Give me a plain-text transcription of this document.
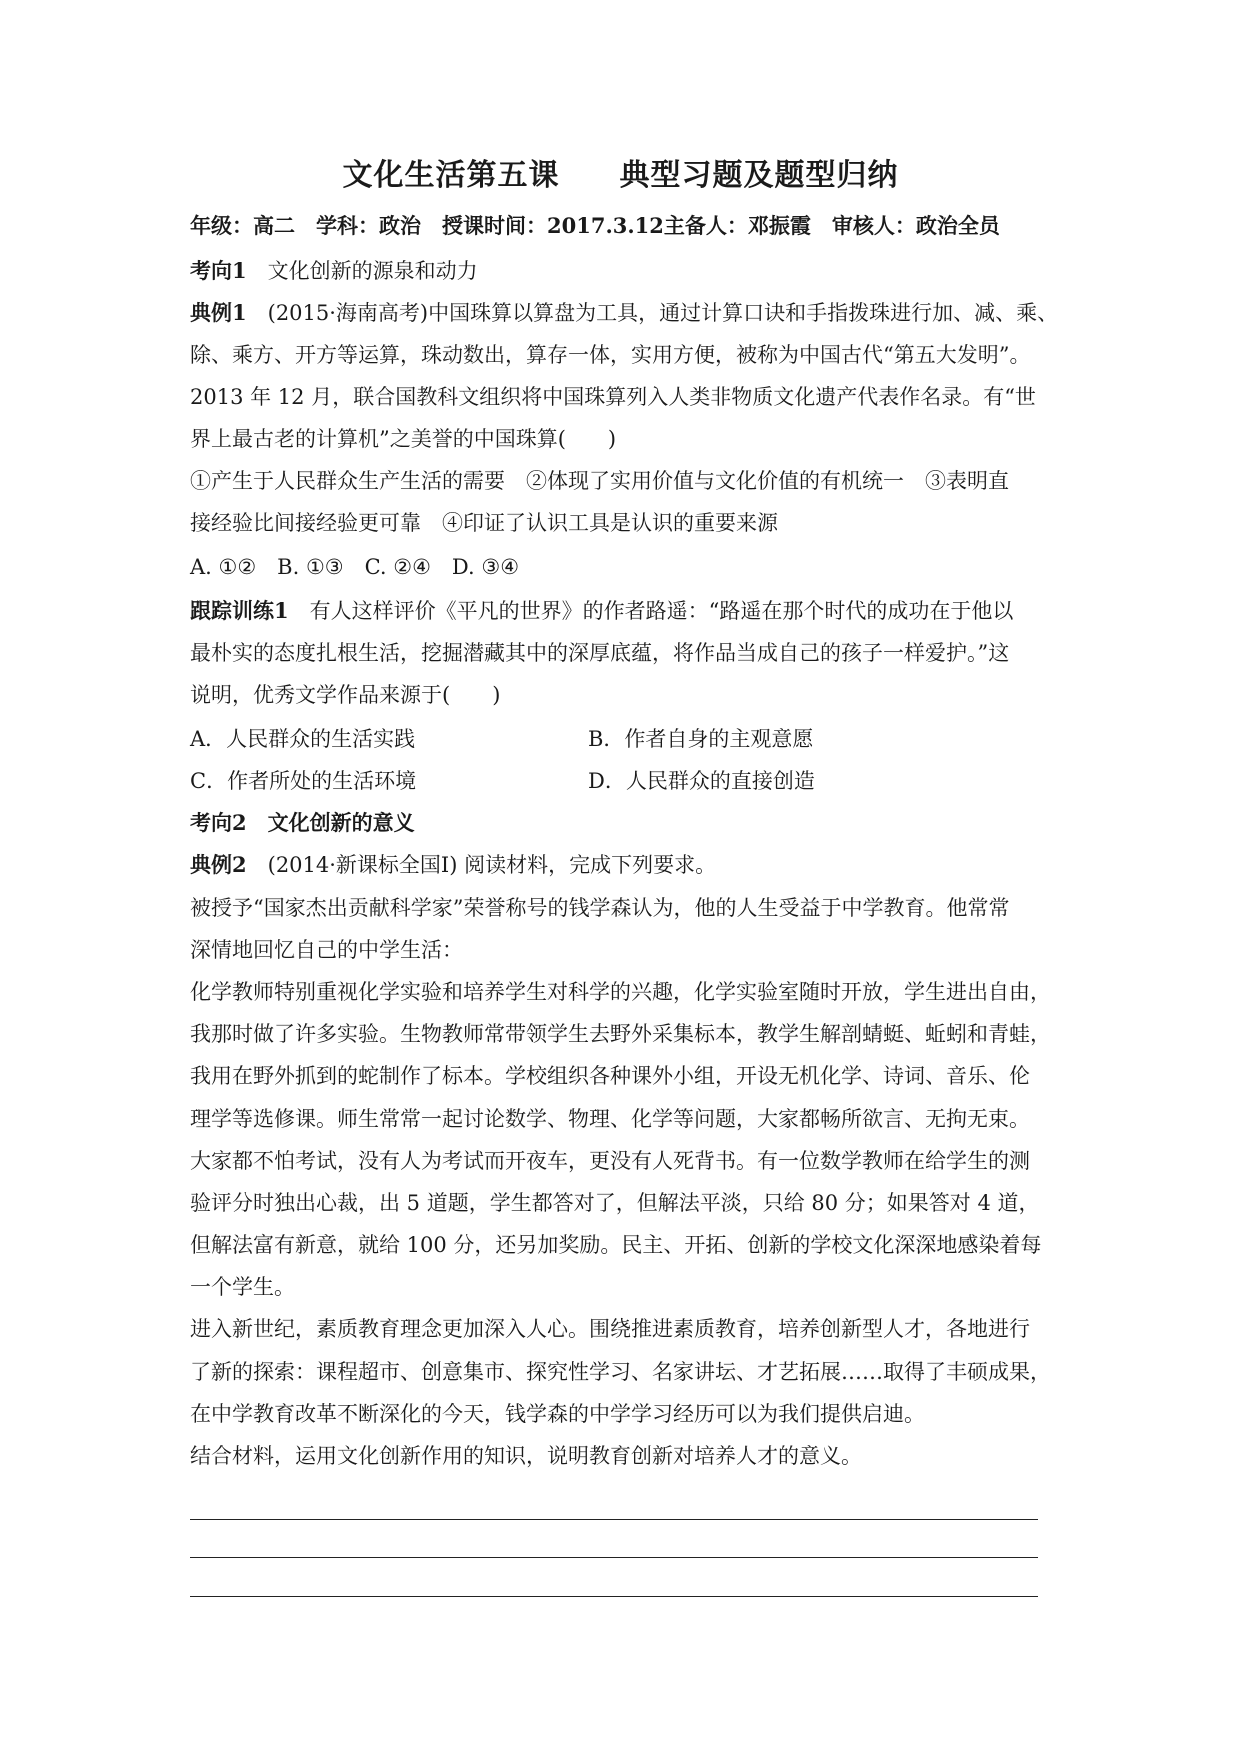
文化生活第五课 典型习题及题型归纳
年级：高二　学科：政治　授课时间：2017.3.12主备人：邓振霞　审核人：政治全员
考向1　 文化创新的源泉和动力
典例1　 (2015·海南高考)中国珠算以算盘为工具，通过计算口诀和手指拨珠进行加、减、乘、
除、乘方、开方等运算，珠动数出，算存一体，实用方便，被称为中国古代“第五大发明”。
2013 年 12 月，联合国教科文组织将中国珠算列入人类非物质文化遗产代表作名录。有“世
界上最古老的计算机”之美誉的中国珠算(　　)
①产生于人民群众生产生活的需要　②体现了实用价值与文化价值的有机统一　③表明直
接经验比间接经验更可靠　④印证了认识工具是认识的重要来源
A. ①②　B. ①③　C. ②④　D. ③④
跟踪训练1　 有人这样评价《平凡的世界》的作者路遥：“路遥在那个时代的成功在于他以
最朴实的态度扎根生活，挖掘潜藏其中的深厚底蕴，将作品当成自己的孩子一样爱护。”这
说明，优秀文学作品来源于(　　)
A．人民群众的生活实践	B．作者自身的主观意愿
C．作者所处的生活环境	D．人民群众的直接创造
考向2　 文化创新的意义
典例2　 (2014·新课标全国Ⅰ) 阅读材料，完成下列要求。
被授予“国家杰出贡献科学家”荣誉称号的钱学森认为，他的人生受益于中学教育。他常常
深情地回忆自己的中学生活：
化学教师特别重视化学实验和培养学生对科学的兴趣，化学实验室随时开放，学生进出自由，
我那时做了许多实验。生物教师常带领学生去野外采集标本，教学生解剖蜻蜓、蚯蚓和青蛙，
我用在野外抓到的蛇制作了标本。学校组织各种课外小组，开设无机化学、诗词、音乐、伦
理学等选修课。师生常常一起讨论数学、物理、化学等问题，大家都畅所欲言、无拘无束。
大家都不怕考试，没有人为考试而开夜车，更没有人死背书。有一位数学教师在给学生的测
验评分时独出心裁，出 5 道题，学生都答对了，但解法平淡，只给 80 分；如果答对 4 道，
但解法富有新意，就给 100 分，还另加奖励。民主、开拓、创新的学校文化深深地感染着每
一个学生。
进入新世纪，素质教育理念更加深入人心。围绕推进素质教育，培养创新型人才，各地进行
了新的探索：课程超市、创意集市、探究性学习、名家讲坛、才艺拓展……取得了丰硕成果，
在中学教育改革不断深化的今天，钱学森的中学学习经历可以为我们提供启迪。
结合材料，运用文化创新作用的知识，说明教育创新对培养人才的意义。
